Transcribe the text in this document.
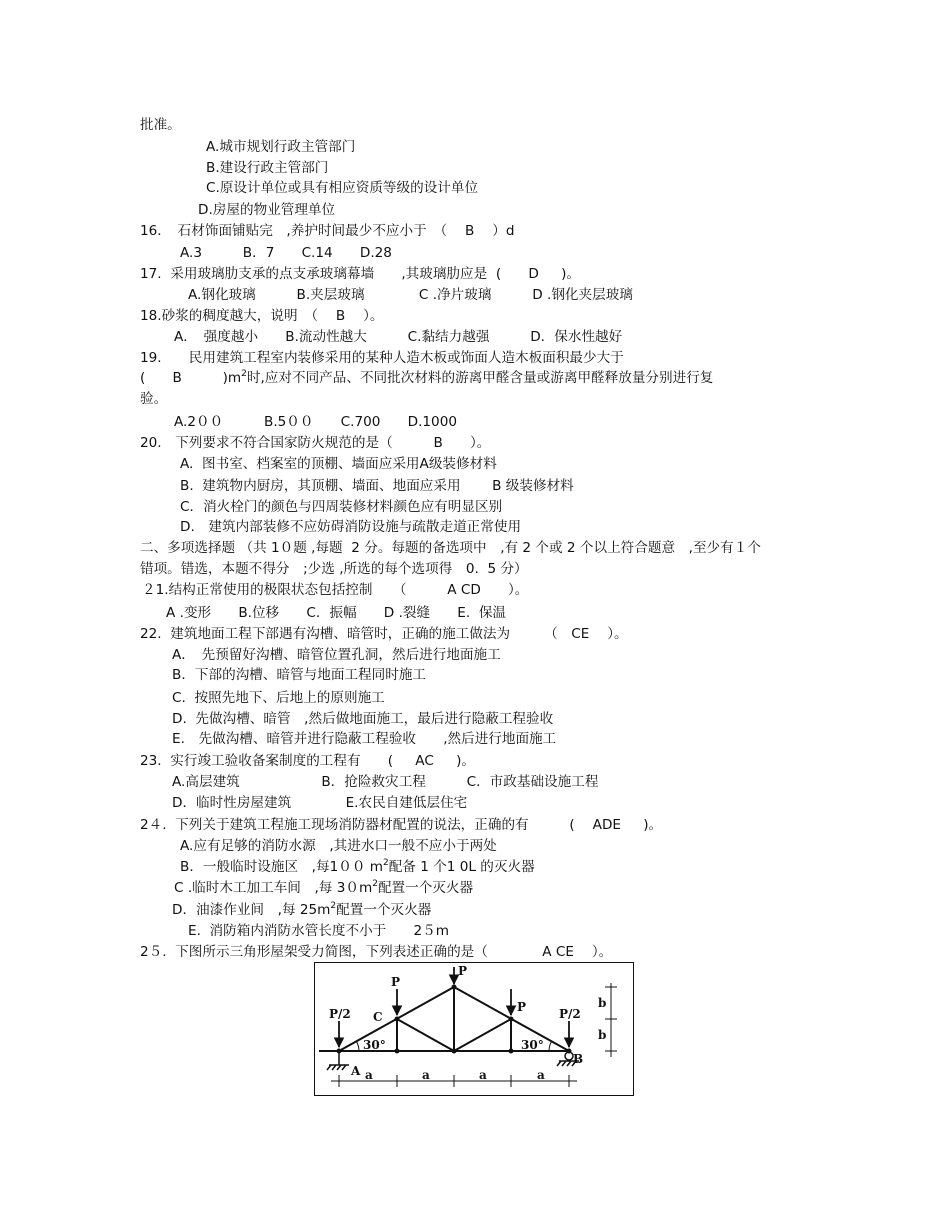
批准。
A.城市规划行政主管部门
B.建设行政主管部门
C.原设计单位或具有相应资质等级的设计单位
D.房屋的物业管理单位
16．　石材饰面铺贴完　,养护时间最少不应小于　（　 B　 ）d
A.3　　　B．7　　C.14　　D.28
17.  采用玻璃肋支承的点支承玻璃幕墙　　,其玻璃肋应是  (　　D　  )。
A.钢化玻璃　　　B.夹层玻璃　　　　C .净片玻璃　　　D .钢化夹层玻璃
18.砂浆的稠度越大，说明　（　 B　 ）。
A．　强度越小　　B.流动性越大　　　C.黏结力越强　　　D．保水性越好
19.　　民用建筑工程室内装修采用的某种人造木板或饰面人造木板面积最少大于
(　　B　　　)$m^2$时,应对不同产品、不同批次材料的游离甲醛含量或游离甲醛释放量分别进行复
验。
A.2００　　　B.5００　　C.700　　D.1000
20.　下列要求不符合国家防火规范的是（　　　B　　）。
A.  图书室、档案室的顶棚、墙面应采用A级装修材料
B.  建筑物内厨房，其顶棚、墙面、地面应采用　　 B 级装修材料
C．消火栓门的颜色与四周装修材料颜色应有明显区别
D.　建筑内部装修不应妨碍消防设施与疏散走道正常使用
二、多项选择题 （共 1０题 ,每题  2 分。每题的备选项中　,有 2 个或 2 个以上符合题意　,至少有１个
错项。错选，本题不得分　;少选 ,所选的每个选项得　0.  5 分）
２1.结构正常使用的极限状态包括控制　　（　　　A CD　　）。
A .变形　　B.位移　　C．振幅　　D .裂缝　　E.  保温
22.  建筑地面工程下部遇有沟槽、暗管时，正确的施工做法为　　　（　CE　 ）。
A．　先预留好沟槽、暗管位置孔洞，然后进行地面施工
B．下部的沟槽、暗管与地面工程同时施工
C.  按照先地下、后地上的原则施工
D.  先做沟槽、暗管　,然后做地面施工，最后进行隐蔽工程验收
E.　先做沟槽、暗管并进行隐蔽工程验收　　,然后进行地面施工
23.  实行竣工验收备案制度的工程有　　(　  AC　  )。
A.高层建筑　　　　　　B．抢险救灾工程　　　C．市政基础设施工程
D．临时性房屋建筑　　　　E.农民自建低层住宅
2４.  下列关于建筑工程施工现场消防器材配置的说法，正确的有　　　(　 ADE　  )。
A.应有足够的消防水源　,其进水口一般不应小于两处
B．一般临时设施区　,每1００ $m^2$配备 1 个1 0L 的灭火器
C .临时木工加工车间　,每 $30m^2$配置一个灭火器
D．油漆作业间　,每 $25m^2$配置一个灭火器
E.  消防箱内消防水管长度不小于　　2５m
2５.  下图所示三角形屋架受力简图，下列表述正确的是（　　　　A CE　 ）。
P/2
P
P
P	P/2
C
A
B
30°	30°
a	a	a	a
b
b
